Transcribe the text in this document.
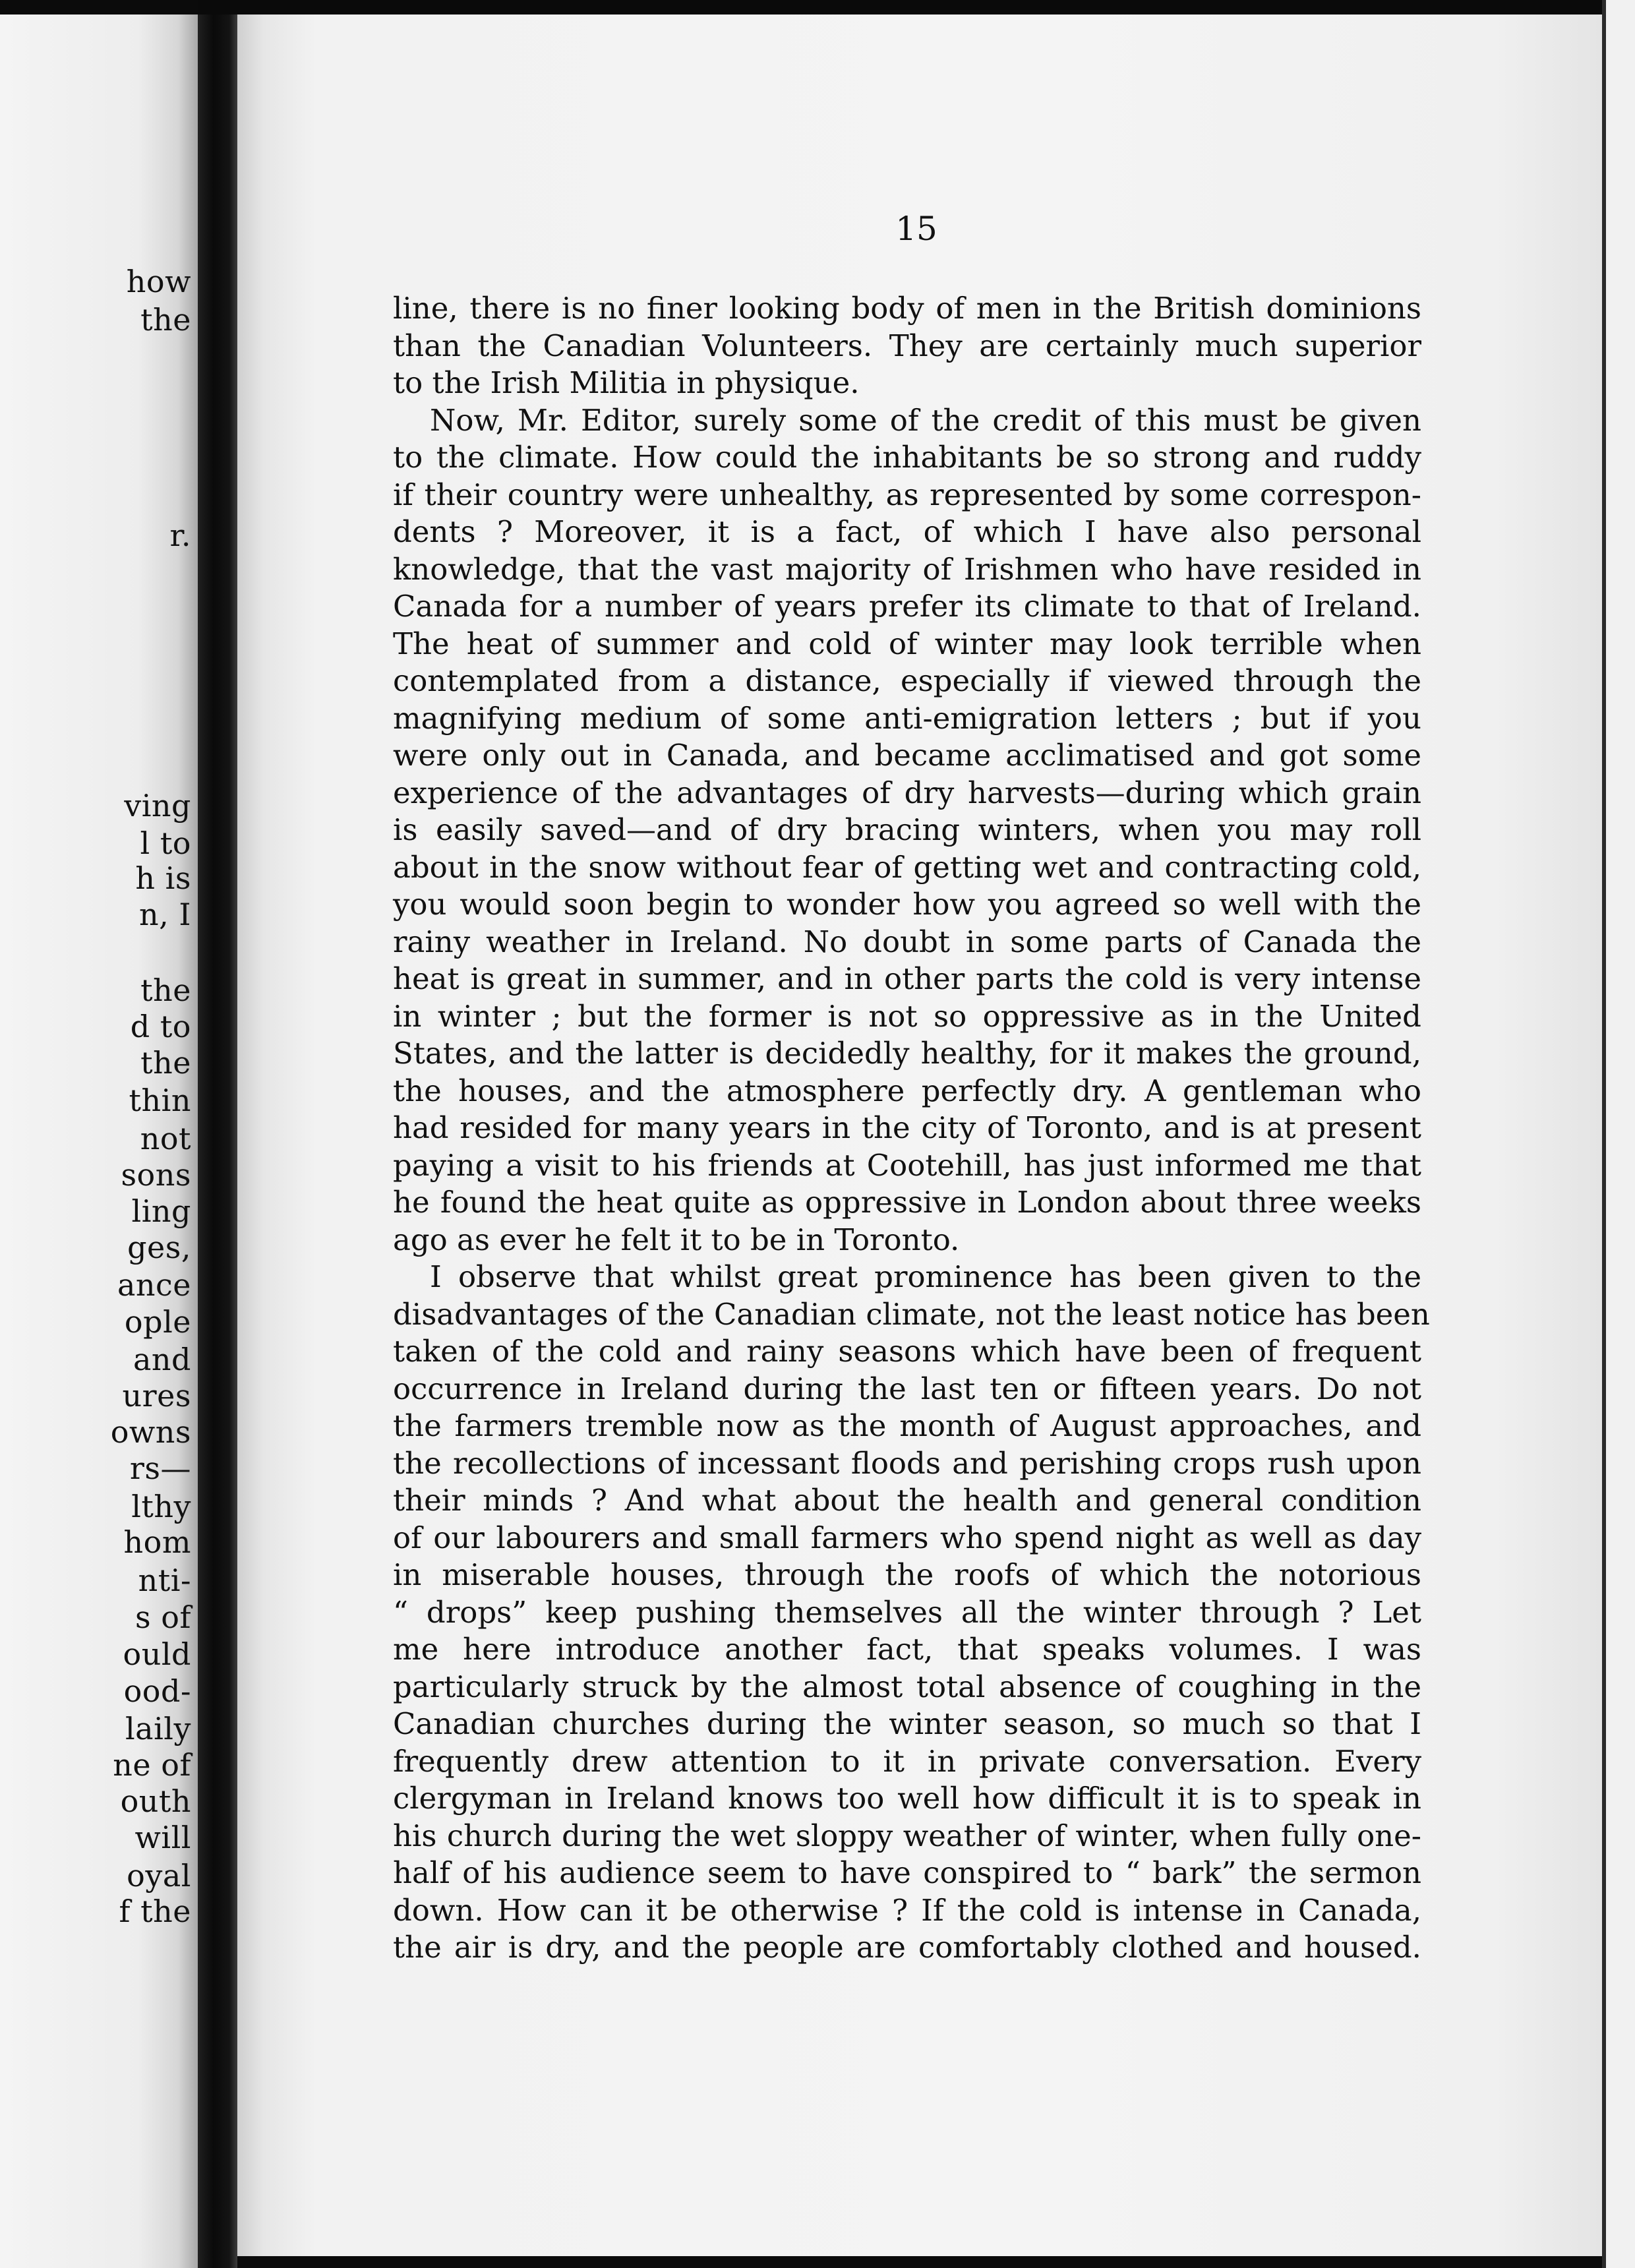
how
the
r.
ving
l to
h is
n, I
the
d to
the
thin
not
sons
ling
ges,
ance
ople
and
ures
owns
rs—
lthy
hom
nti-
s of
ould
ood-
laily
ne of
outh
will
oyal
f the
15
line, there is no finer looking body of men in the British dominions
than the Canadian Volunteers. They are certainly much superior
to the Irish Militia in physique.
Now, Mr. Editor, surely some of the credit of this must be given
to the climate. How could the inhabitants be so strong and ruddy
if their country were unhealthy, as represented by some correspon-
dents ? Moreover, it is a fact, of which I have also personal
knowledge, that the vast majority of Irishmen who have resided in
Canada for a number of years prefer its climate to that of Ireland.
The heat of summer and cold of winter may look terrible when
contemplated from a distance, especially if viewed through the
magnifying medium of some anti-emigration letters ; but if you
were only out in Canada, and became acclimatised and got some
experience of the advantages of dry harvests—during which grain
is easily saved—and of dry bracing winters, when you may roll
about in the snow without fear of getting wet and contracting cold,
you would soon begin to wonder how you agreed so well with the
rainy weather in Ireland. No doubt in some parts of Canada the
heat is great in summer, and in other parts the cold is very intense
in winter ; but the former is not so oppressive as in the United
States, and the latter is decidedly healthy, for it makes the ground,
the houses, and the atmosphere perfectly dry. A gentleman who
had resided for many years in the city of Toronto, and is at present
paying a visit to his friends at Cootehill, has just informed me that
he found the heat quite as oppressive in London about three weeks
ago as ever he felt it to be in Toronto.
I observe that whilst great prominence has been given to the
disadvantages of the Canadian climate, not the least notice has been
taken of the cold and rainy seasons which have been of frequent
occurrence in Ireland during the last ten or fifteen years. Do not
the farmers tremble now as the month of August approaches, and
the recollections of incessant floods and perishing crops rush upon
their minds ? And what about the health and general condition
of our labourers and small farmers who spend night as well as day
in miserable houses, through the roofs of which the notorious
“ drops” keep pushing themselves all the winter through ? Let
me here introduce another fact, that speaks volumes. I was
particularly struck by the almost total absence of coughing in the
Canadian churches during the winter season, so much so that I
frequently drew attention to it in private conversation. Every
clergyman in Ireland knows too well how difficult it is to speak in
his church during the wet sloppy weather of winter, when fully one-
half of his audience seem to have conspired to “ bark” the sermon
down. How can it be otherwise ? If the cold is intense in Canada,
the air is dry, and the people are comfortably clothed and housed.
